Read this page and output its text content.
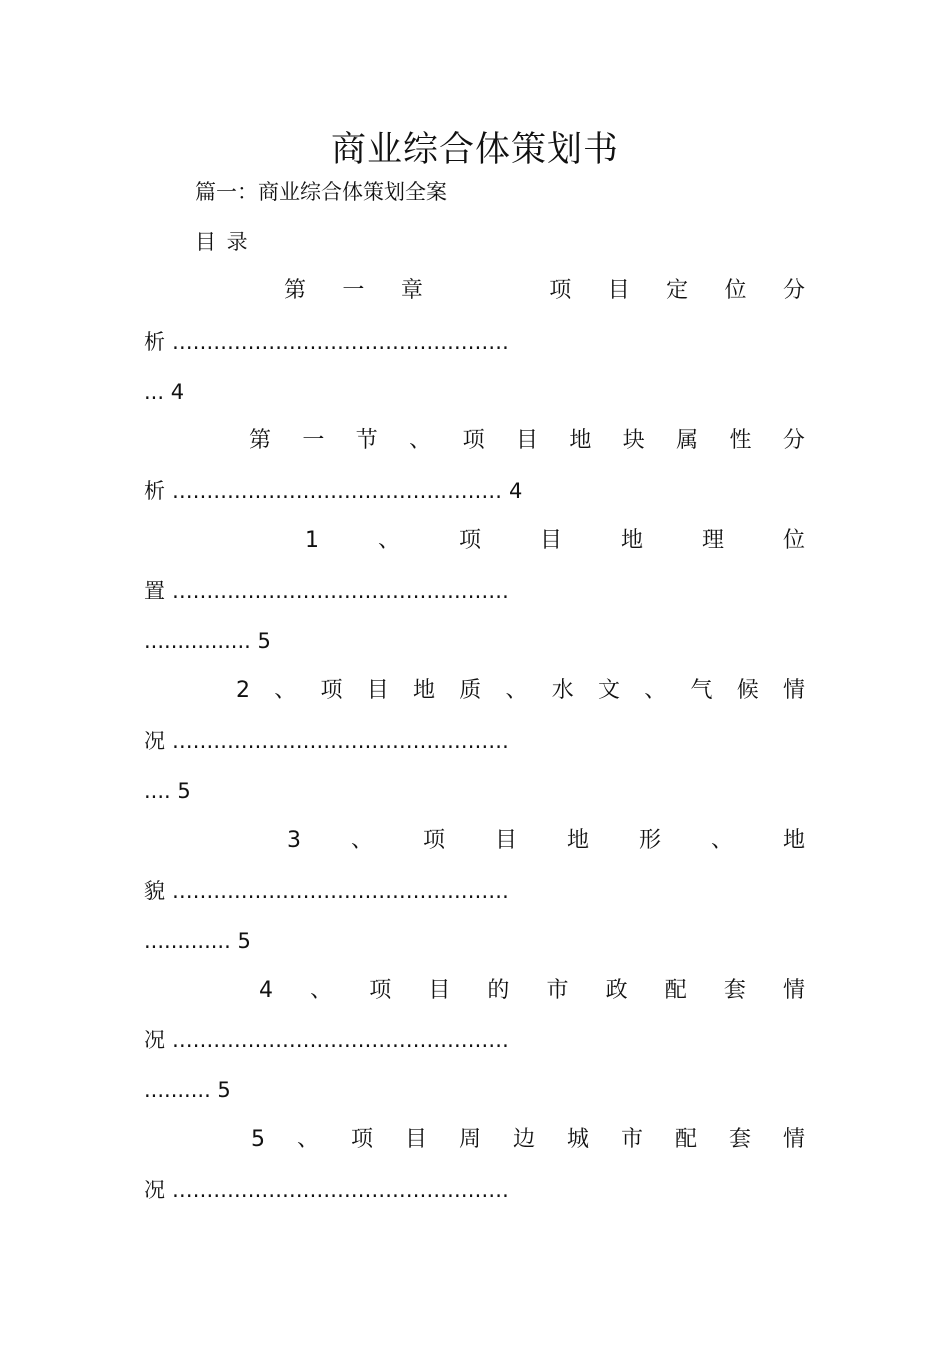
商业综合体策划书
篇一：商业综合体策划全案
目 录
第 一 章	项 目 定 位 分
析 .................................................
... 4
第 一 节 、 项 目 地 块 属 性 分
析 ................................................ 4
1	、	项	目	地	理	位
置 .................................................
................ 5
2 、 项 目 地 质 、 水 文 、 气 候 情
况 .................................................
.... 5
3 、 项 目 地 形 、 地
貌 .................................................
............. 5
4 、 项 目 的 市 政 配 套 情
况 .................................................
.......... 5
5 、 项 目 周 边 城 市 配 套 情
况 .................................................
